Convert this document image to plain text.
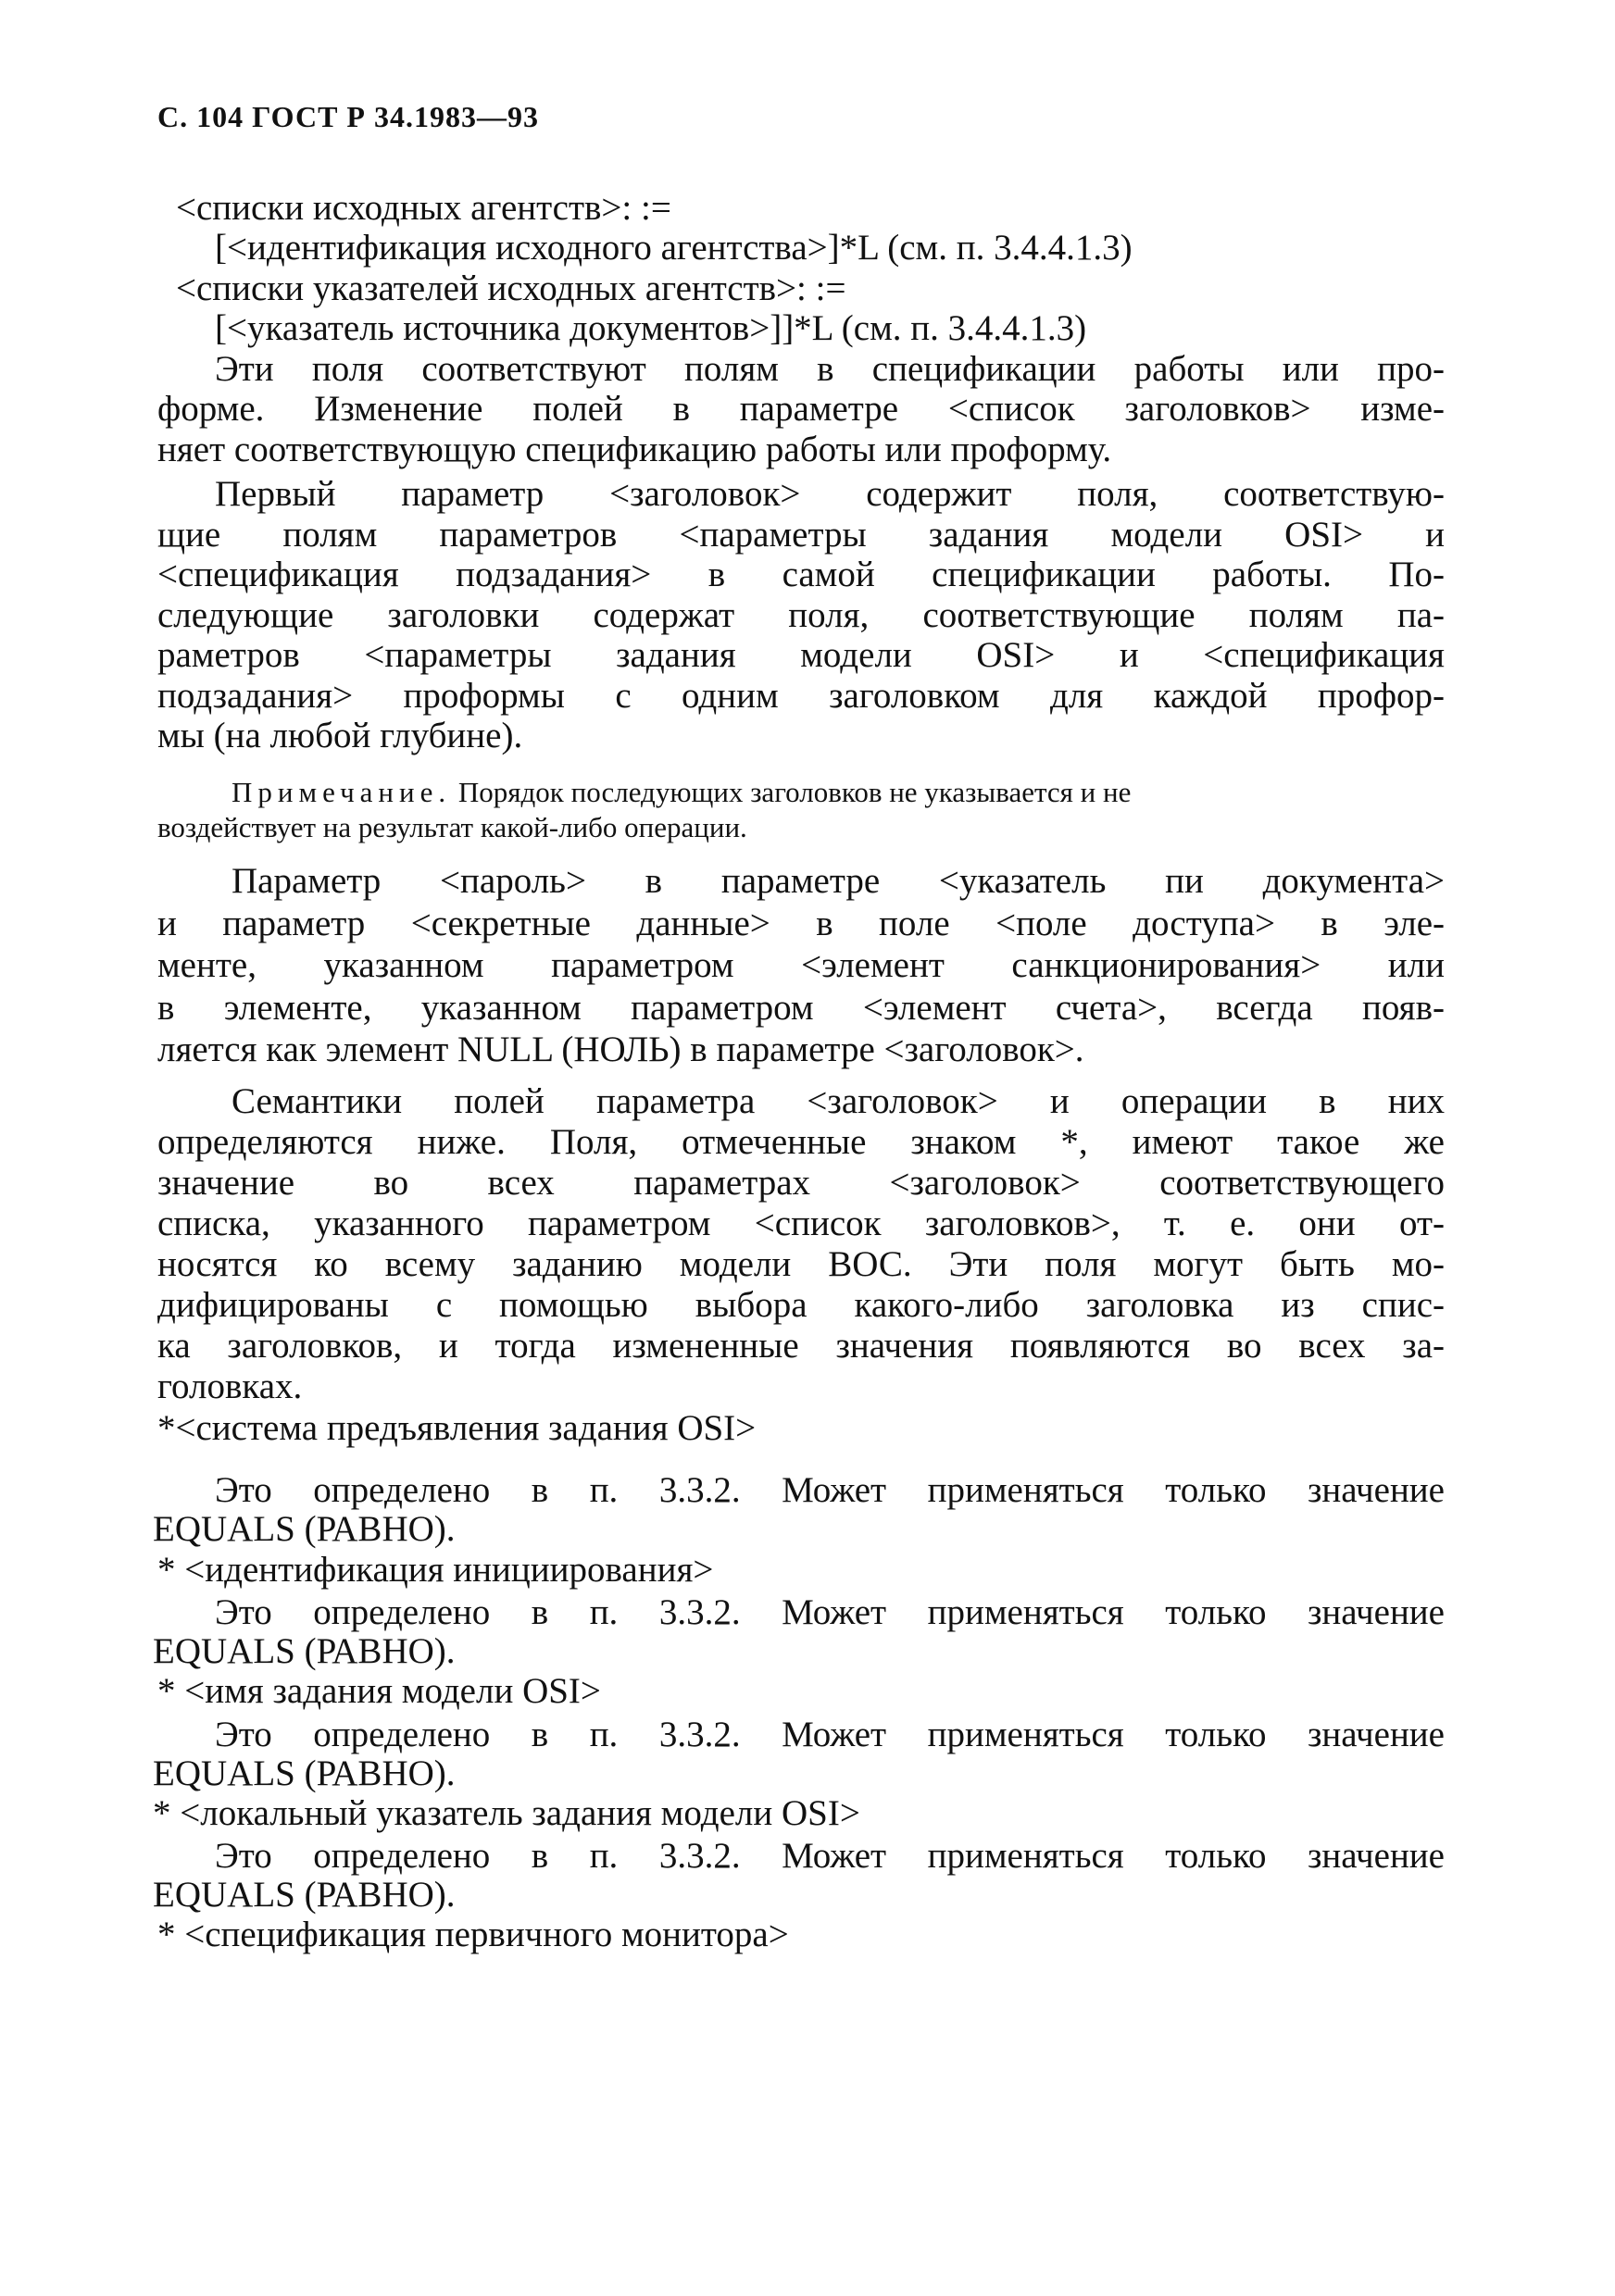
С. 104 ГОСТ Р 34.1983—93
<списки исходных агентств>: :=
[<идентификация исходного агентства>]*L (см. п. 3.4.4.1.3)
<списки указателей исходных агентств>: :=
[<указатель источника документов>]]*L (см. п. 3.4.4.1.3)
Эти поля соответствуют полям в спецификации работы или про-
форме. Изменение полей в параметре <список заголовков> изме-
няет соответствующую спецификацию работы или проформу.
Первый параметр <заголовок> содержит поля, соответствую-
щие полям параметров <параметры задания модели OSI> и
<спецификация подзадания> в самой спецификации работы. По-
следующие заголовки содержат поля, соответствующие полям па-
раметров <параметры задания модели OSI> и <спецификация
подзадания> проформы с одним заголовком для каждой профор-
мы (на любой глубине).
Примечание. Порядок последующих заголовков не указывается и не
воздействует на результат какой-либо операции.
Параметр <пароль> в параметре <указатель пи документа>
и параметр <секретные данные> в поле <поле доступа> в эле-
менте, указанном параметром <элемент санкционирования> или
в элементе, указанном параметром <элемент счета>, всегда появ-
ляется как элемент NULL (НОЛЬ) в параметре <заголовок>.
Семантики полей параметра <заголовок> и операции в них
определяются ниже. Поля, отмеченные знаком *, имеют такое же
значение во всех параметрах <заголовок> соответствующего
списка, указанного параметром <список заголовков>, т. е. они от-
носятся ко всему заданию модели ВОС. Эти поля могут быть мо-
дифицированы с помощью выбора какого-либо заголовка из спис-
ка заголовков, и тогда измененные значения появляются во всех за-
головках.
*<система предъявления задания OSI>
Это определено в п. 3.3.2. Может применяться только значение
EQUALS (РАВНО).
* <идентификация инициирования>
Это определено в п. 3.3.2. Может применяться только значение
EQUALS (РАВНО).
* <имя задания модели OSI>
Это определено в п. 3.3.2. Может применяться только значение
EQUALS (РАВНО).
* <локальный указатель задания модели OSI>
Это определено в п. 3.3.2. Может применяться только значение
EQUALS (РАВНО).
* <спецификация первичного монитора>
